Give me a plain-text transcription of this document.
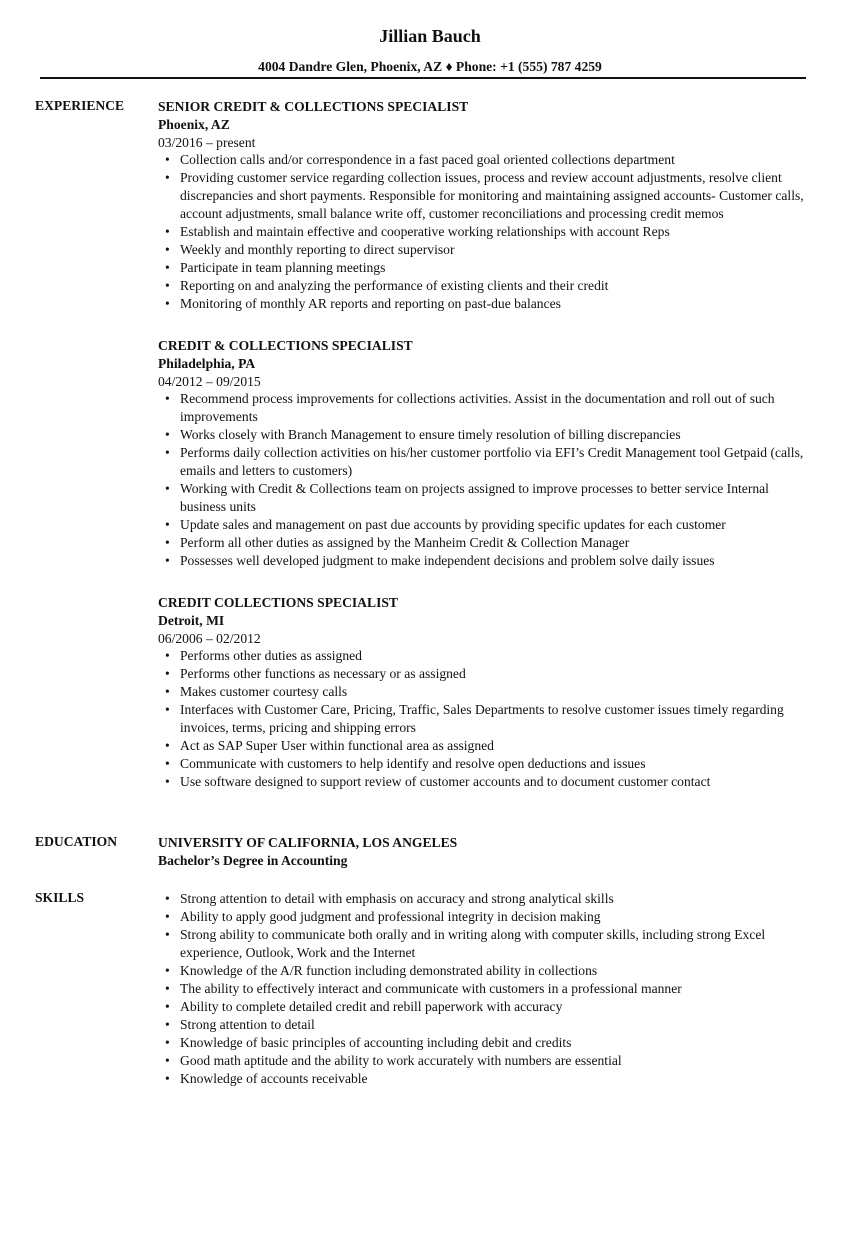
Jillian Bauch
4004 Dandre Glen, Phoenix, AZ ♦ Phone: +1 (555) 787 4259
EXPERIENCE SENIOR CREDIT & COLLECTIONS SPECIALIST
Phoenix, AZ
03/2016 – present
• Collection calls and/or correspondence in a fast paced goal oriented collections department
• Providing customer service regarding collection issues, process and review account adjustments, resolve client discrepancies and short payments. Responsible for monitoring and maintaining assigned accounts- Customer calls, account adjustments, small balance write off, customer reconciliations and processing credit memos
• Establish and maintain effective and cooperative working relationships with account Reps
• Weekly and monthly reporting to direct supervisor
• Participate in team planning meetings
• Reporting on and analyzing the performance of existing clients and their credit
• Monitoring of monthly AR reports and reporting on past-due balances
CREDIT & COLLECTIONS SPECIALIST
Philadelphia, PA
04/2012 – 09/2015
• Recommend process improvements for collections activities. Assist in the documentation and roll out of such improvements
• Works closely with Branch Management to ensure timely resolution of billing discrepancies
• Performs daily collection activities on his/her customer portfolio via EFI’s Credit Management tool Getpaid (calls, emails and letters to customers)
• Working with Credit & Collections team on projects assigned to improve processes to better service Internal business units
• Update sales and management on past due accounts by providing specific updates for each customer
• Perform all other duties as assigned by the Manheim Credit & Collection Manager
• Possesses well developed judgment to make independent decisions and problem solve daily issues
CREDIT COLLECTIONS SPECIALIST
Detroit, MI
06/2006 – 02/2012
• Performs other duties as assigned
• Performs other functions as necessary or as assigned
• Makes customer courtesy calls
• Interfaces with Customer Care, Pricing, Traffic, Sales Departments to resolve customer issues timely regarding invoices, terms, pricing and shipping errors
• Act as SAP Super User within functional area as assigned
• Communicate with customers to help identify and resolve open deductions and issues
• Use software designed to support review of customer accounts and to document customer contact
EDUCATION	UNIVERSITY OF CALIFORNIA, LOS ANGELES
Bachelor’s Degree in Accounting
SKILLS	• Strong attention to detail with emphasis on accuracy and strong analytical skills
• Ability to apply good judgment and professional integrity in decision making
• Strong ability to communicate both orally and in writing along with computer skills, including strong Excel experience, Outlook, Work and the Internet
• Knowledge of the A/R function including demonstrated ability in collections
• The ability to effectively interact and communicate with customers in a professional manner
• Ability to complete detailed credit and rebill paperwork with accuracy
• Strong attention to detail
• Knowledge of basic principles of accounting including debit and credits
• Good math aptitude and the ability to work accurately with numbers are essential
• Knowledge of accounts receivable
